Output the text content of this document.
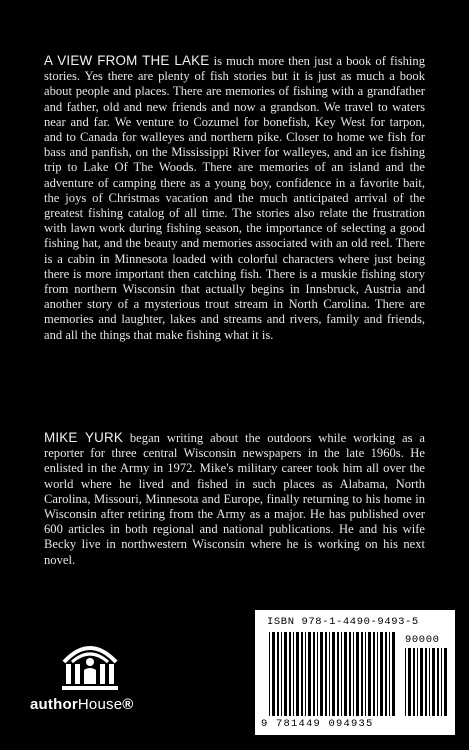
A VIEW FROM THE LAKE is much more then just a book of fishing stories. Yes there are plenty of fish stories but it is just as much a book about people and places. There are memories of fishing with a grandfather and father, old and new friends and now a grandson. We travel to waters near and far. We venture to Cozumel for bonefish, Key West for tarpon, and to Canada for walleyes and northern pike. Closer to home we fish for bass and panfish, on the Mississippi River for walleyes, and an ice fishing trip to Lake Of The Woods. There are memories of an island and the adventure of camping there as a young boy, confidence in a favorite bait, the joys of Christmas vacation and the much anticipated arrival of the greatest fishing catalog of all time. The stories also relate the frustration with lawn work during fishing season, the importance of selecting a good fishing hat, and the beauty and memories associated with an old reel. There is a cabin in Minnesota loaded with colorful characters where just being there is more important then catching fish. There is a muskie fishing story from northern Wisconsin that actually begins in Innsbruck, Austria and another story of a mysterious trout stream in North Carolina. There are memories and laughter, lakes and streams and rivers, family and friends, and all the things that make fishing what it is.

MIKE YURK began writing about the outdoors while working as a reporter for three central Wisconsin newspapers in the late 1960s. He enlisted in the Army in 1972. Mike's military career took him all over the world where he lived and fished in such places as Alabama, North Carolina, Missouri, Minnesota and Europe, finally returning to his home in Wisconsin after retiring from the Army as a major. He has published over 600 articles in both regional and national publications. He and his wife Becky live in northwestern Wisconsin where he is working on his next novel.

authorHouse®
ISBN 978-1-4490-9493-5
90000
9 781449 094935
